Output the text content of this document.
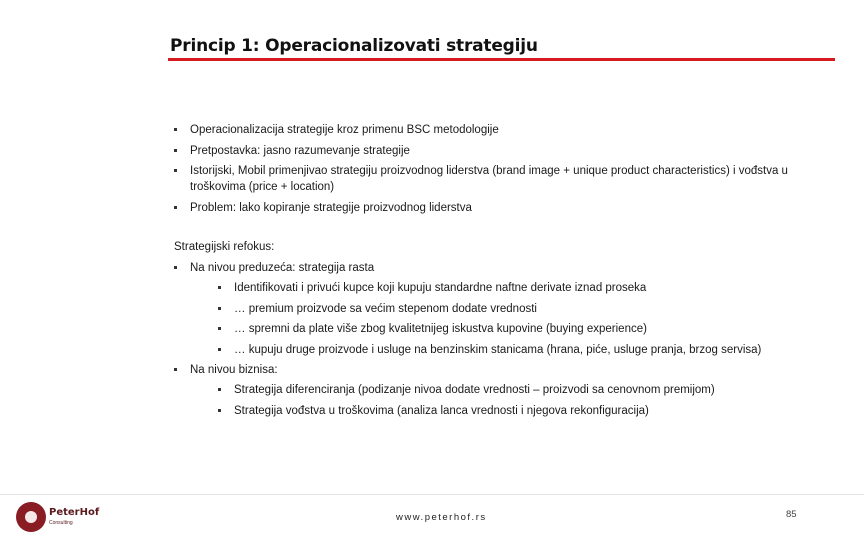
Princip 1: Operacionalizovati strategiju
Operacionalizacija strategije kroz primenu BSC metodologije
Pretpostavka: jasno razumevanje strategije
Istorijski, Mobil primenjivao strategiju proizvodnog liderstva (brand image + unique product characteristics) i vođstva u troškovima (price + location)
Problem: lako kopiranje strategije proizvodnog liderstva
Strategijski refokus:
Na nivou preduzeća: strategija rasta
Identifikovati i privući kupce koji kupuju standardne naftne derivate iznad proseka
… premium proizvode sa većim stepenom dodate vrednosti
… spremni da plate više zbog kvalitetnijeg iskustva kupovine (buying experience)
… kupuju druge proizvode i usluge na benzinskim stanicama (hrana, piće, usluge pranja, brzog servisa)
Na nivou biznisa:
Strategija diferenciranja (podizanje nivoa dodate vrednosti – proizvodi sa cenovnom premijom)
Strategija vođstva u troškovima (analiza lanca vrednosti i njegova rekonfiguracija)
PeterHof
Consulting	www.peterhof.rs	85
